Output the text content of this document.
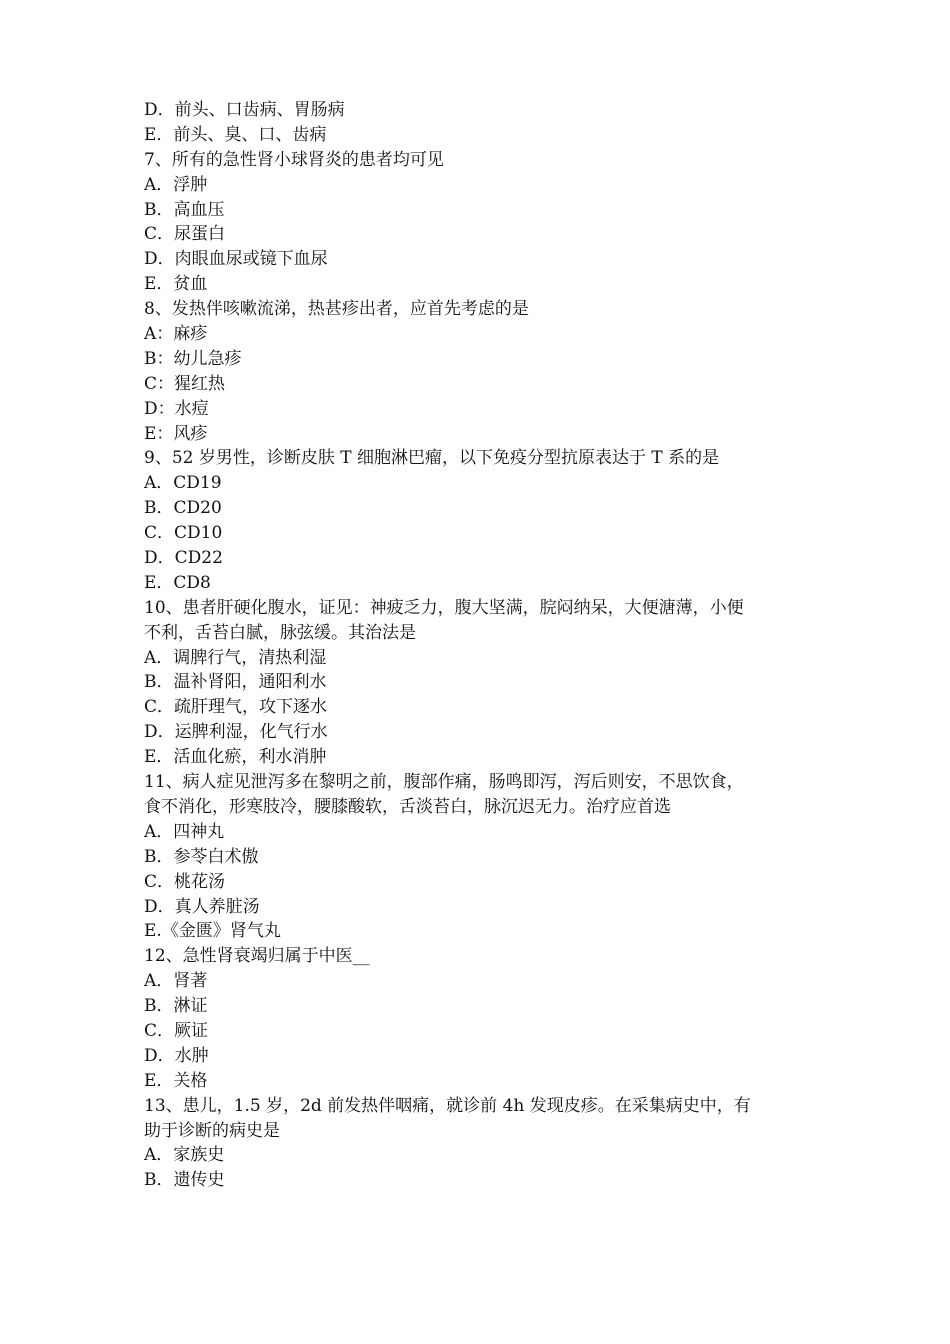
D．前头、口齿病、胃肠病
E．前头、臭、口、齿病
7、所有的急性肾小球肾炎的患者均可见
A．浮肿
B．高血压
C．尿蛋白
D．肉眼血尿或镜下血尿
E．贫血
8、发热伴咳嗽流涕，热甚疹出者，应首先考虑的是
A：麻疹
B：幼儿急疹
C：猩红热
D：水痘
E：风疹
9、52 岁男性，诊断皮肤 T 细胞淋巴瘤，以下免疫分型抗原表达于 T 系的是
A．CD19
B．CD20
C．CD10
D．CD22
E．CD8
10、患者肝硬化腹水，证见：神疲乏力，腹大坚满，脘闷纳呆，大便溏薄，小便
不利，舌苔白腻，脉弦缓。其治法是
A．调脾行气，清热利湿
B．温补肾阳，通阳利水
C．疏肝理气，攻下逐水
D．运脾利湿，化气行水
E．活血化瘀，利水消肿
11、病人症见泄泻多在黎明之前，腹部作痛，肠鸣即泻，泻后则安，不思饮食，
食不消化，形寒肢冷，腰膝酸软，舌淡苔白，脉沉迟无力。治疗应首选
A．四神丸
B．参苓白术傲
C．桃花汤
D．真人养脏汤
E.《金匮》肾气丸
12、急性肾衰竭归属于中医__
A．肾著
B．淋证
C．厥证
D．水肿
E．关格
13、患儿，1.5 岁，2d 前发热伴咽痛，就诊前 4h 发现皮疹。在采集病史中，有
助于诊断的病史是
A．家族史
B．遗传史
